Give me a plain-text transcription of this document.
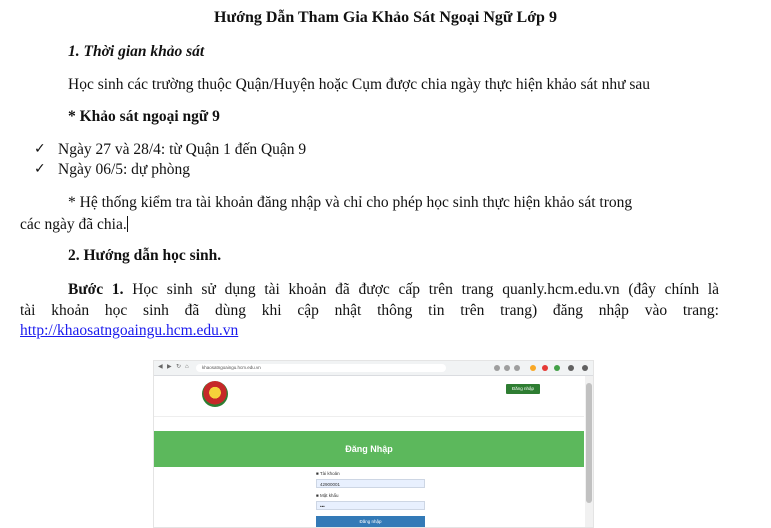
Hướng Dẫn Tham Gia Khảo Sát Ngoại Ngữ Lớp 9
1. Thời gian khảo sát
Học sinh các trường thuộc Quận/Huyện hoặc Cụm được chia ngày thực hiện khảo sát như sau
* Khảo sát ngoại ngữ 9
✓ Ngày 27 và 28/4: từ Quận 1 đến Quận 9
✓ Ngày 06/5: dự phòng
* Hệ thống kiểm tra tài khoản đăng nhập và chỉ cho phép học sinh thực hiện khảo sát trong
các ngày đã chia.
2. Hướng dẫn học sinh.
Bước 1. Học sinh sử dụng tài khoản đã được cấp trên trang quanly.hcm.edu.vn (đây chính là
tài khoản học sinh đã dùng khi cập nhật thông tin trên trang) đăng nhập vào trang:
http://khaosatngoaingu.hcm.edu.vn
◀ ▶ ↻ ⌂	khaosatngoaingu.hcm.edu.vn
Đăng nhập
Đăng Nhập
■ Tài khoản
42900001
■ Mật khẩu
•••
Đăng nhập
